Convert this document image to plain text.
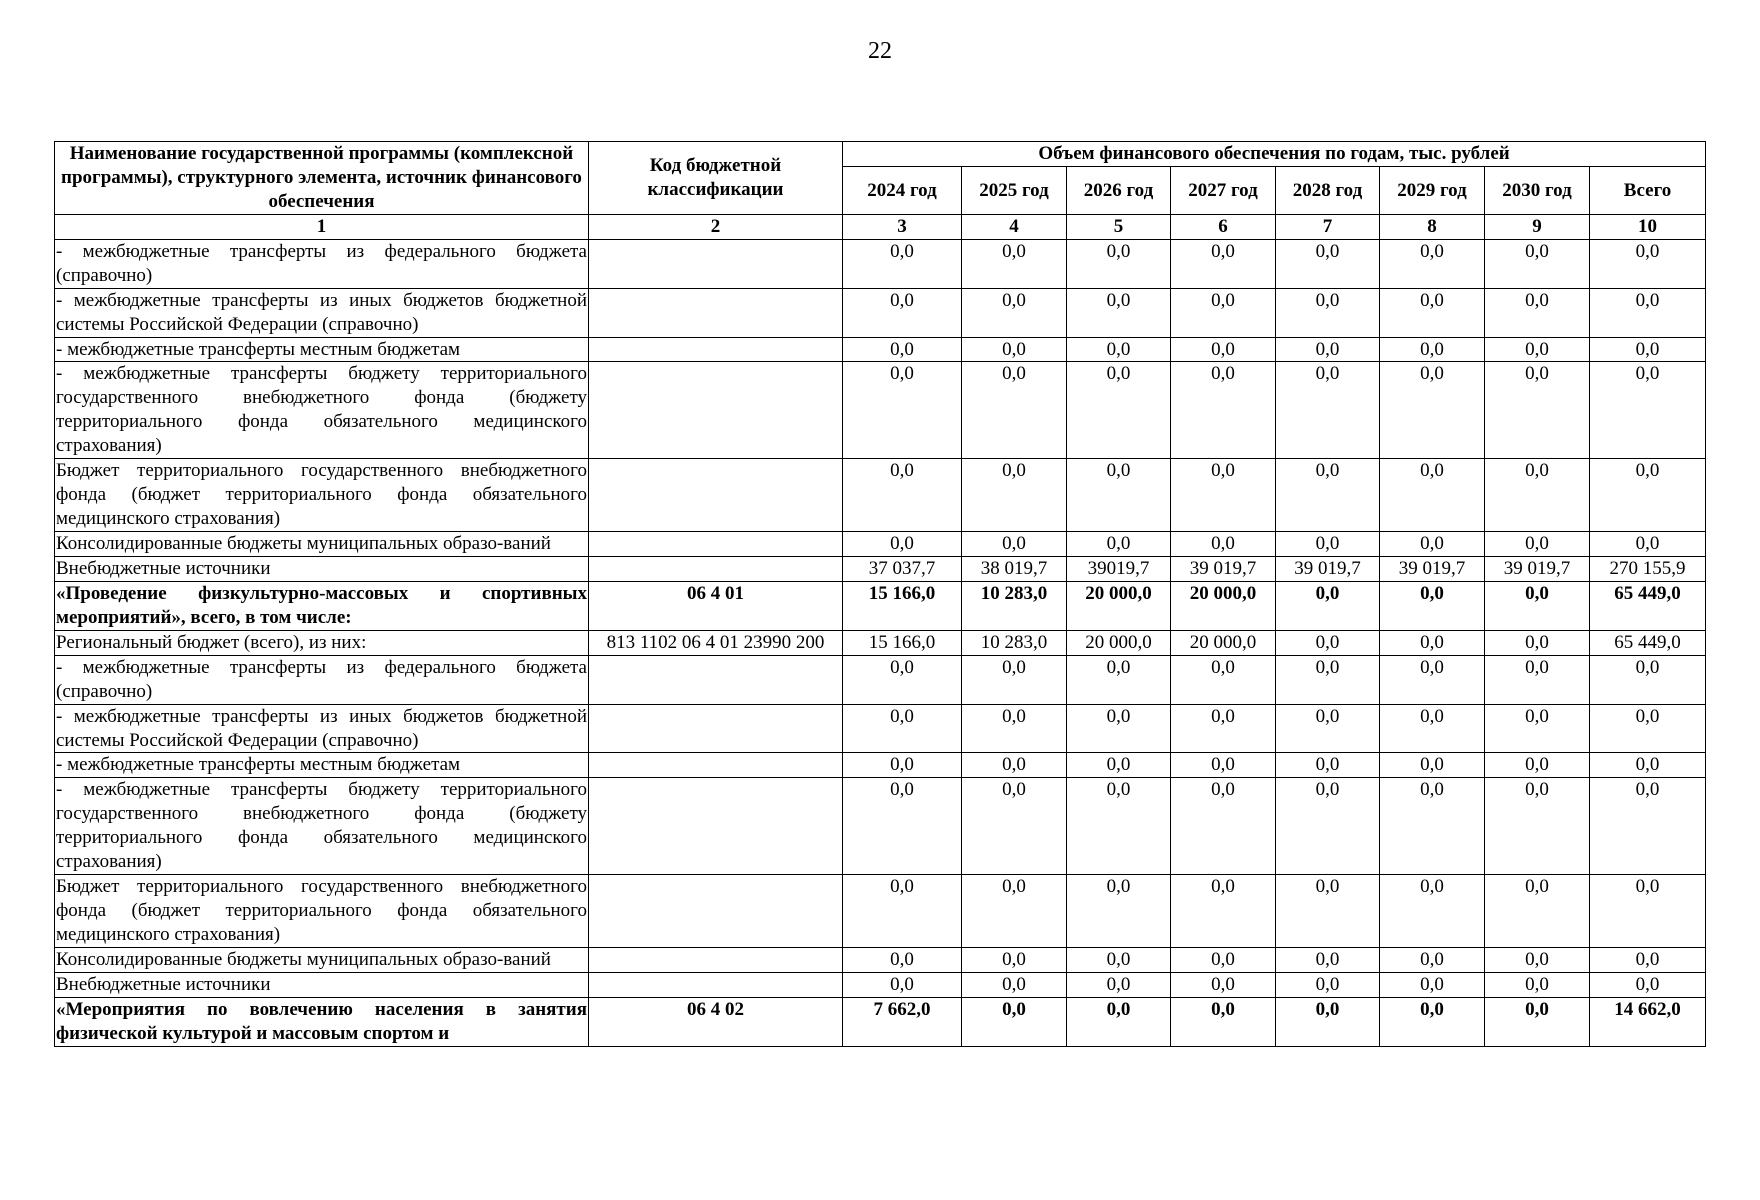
22
Наименование государственной программы (комплексной программы), структурного элемента, источник финансового обеспечения	Код бюджетной классификации	Объем финансового обеспечения по годам, тыс. рублей							
		2024 год	2025 год	2026 год	2027 год	2028 год	2029 год	2030 год	Всего
1	2	3	4	5	6	7	8	9	10
- межбюджетные трансферты из федерального бюджета (справочно)		0,0	0,0	0,0	0,0	0,0	0,0	0,0	0,0
- межбюджетные трансферты из иных бюджетов бюджетной системы Российской Федерации (справочно)		0,0	0,0	0,0	0,0	0,0	0,0	0,0	0,0
- межбюджетные трансферты местным бюджетам		0,0	0,0	0,0	0,0	0,0	0,0	0,0	0,0
- межбюджетные трансферты бюджету территориального государственного внебюджетного фонда (бюджету территориального фонда обязательного медицинского страхования)		0,0	0,0	0,0	0,0	0,0	0,0	0,0	0,0
Бюджет территориального государственного внебюджетного фонда (бюджет территориального фонда обязательного медицинского страхования)		0,0	0,0	0,0	0,0	0,0	0,0	0,0	0,0
Консолидированные бюджеты муниципальных образо-ваний		0,0	0,0	0,0	0,0	0,0	0,0	0,0	0,0
Внебюджетные источники		37 037,7	38 019,7	39019,7	39 019,7	39 019,7	39 019,7	39 019,7	270 155,9
«Проведение физкультурно-массовых и спортивных мероприятий», всего, в том числе:	06 4 01	15 166,0	10 283,0	20 000,0	20 000,0	0,0	0,0	0,0	65 449,0
Региональный бюджет (всего), из них:	813 1102 06 4 01 23990 200	15 166,0	10 283,0	20 000,0	20 000,0	0,0	0,0	0,0	65 449,0
- межбюджетные трансферты из федерального бюджета (справочно)		0,0	0,0	0,0	0,0	0,0	0,0	0,0	0,0
- межбюджетные трансферты из иных бюджетов бюджетной системы Российской Федерации (справочно)		0,0	0,0	0,0	0,0	0,0	0,0	0,0	0,0
- межбюджетные трансферты местным бюджетам		0,0	0,0	0,0	0,0	0,0	0,0	0,0	0,0
- межбюджетные трансферты бюджету территориального государственного внебюджетного фонда (бюджету территориального фонда обязательного медицинского страхования)		0,0	0,0	0,0	0,0	0,0	0,0	0,0	0,0
Бюджет территориального государственного внебюджетного фонда (бюджет территориального фонда обязательного медицинского страхования)		0,0	0,0	0,0	0,0	0,0	0,0	0,0	0,0
Консолидированные бюджеты муниципальных образо-ваний		0,0	0,0	0,0	0,0	0,0	0,0	0,0	0,0
Внебюджетные источники		0,0	0,0	0,0	0,0	0,0	0,0	0,0	0,0
«Мероприятия по вовлечению населения в занятия физической культурой и массовым спортом и	06 4 02	7 662,0	0,0	0,0	0,0	0,0	0,0	0,0	14 662,0
